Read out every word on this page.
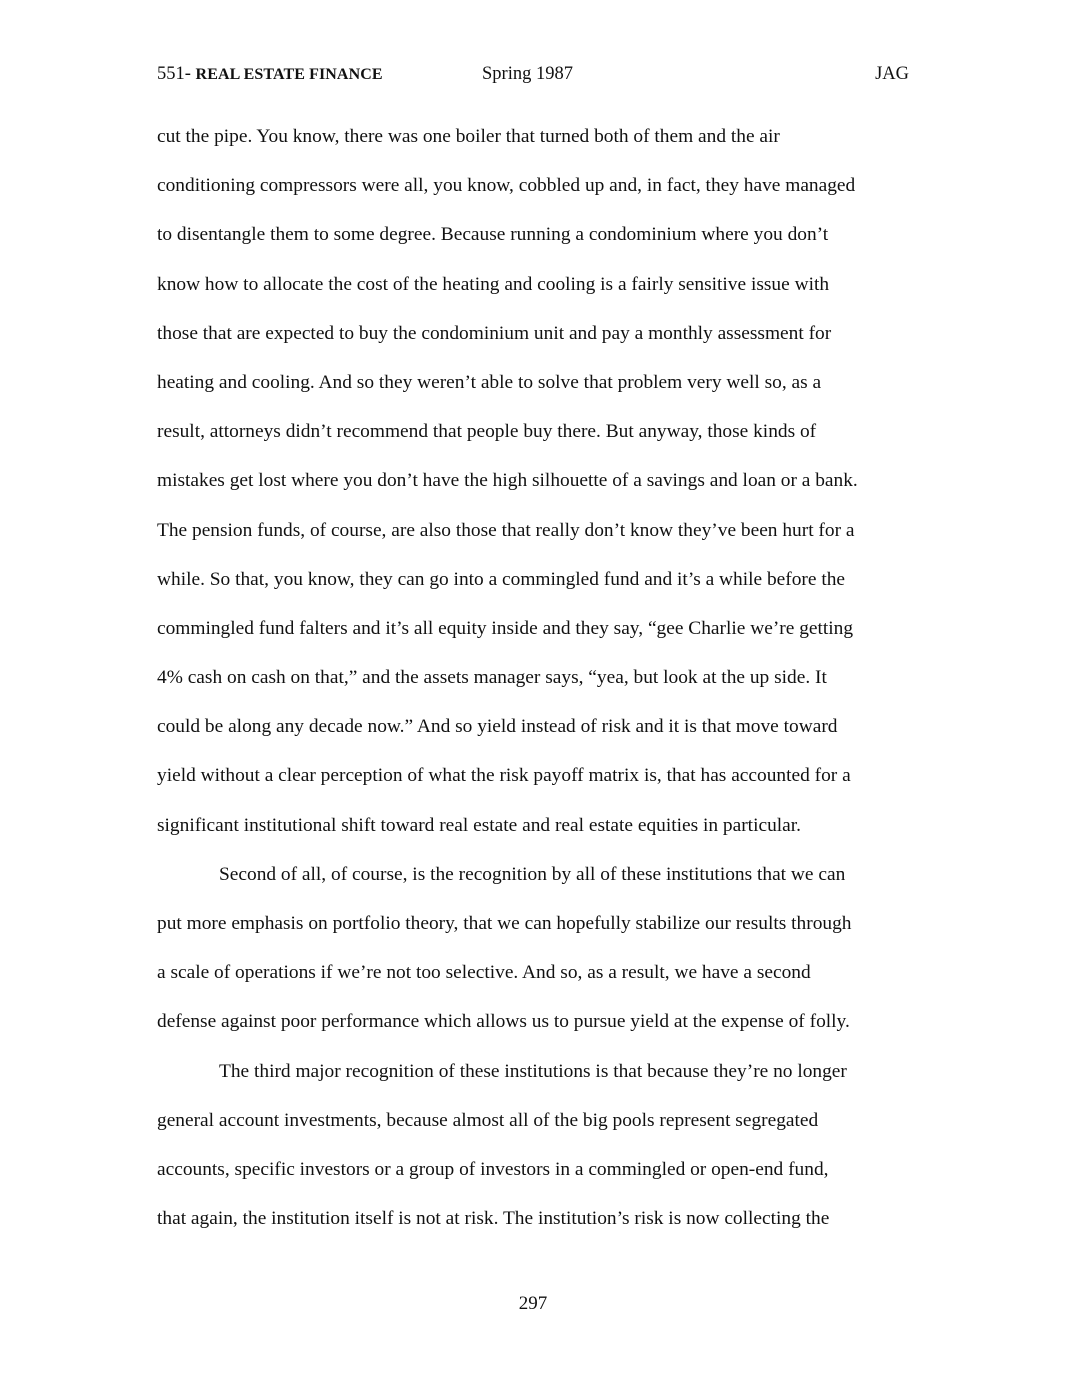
551- REAL ESTATE FINANCE	Spring 1987	JAG
cut the pipe. You know, there was one boiler that turned both of them and the air
conditioning compressors were all, you know, cobbled up and, in fact, they have managed
to disentangle them to some degree. Because running a condominium where you don’t
know how to allocate the cost of the heating and cooling is a fairly sensitive issue with
those that are expected to buy the condominium unit and pay a monthly assessment for
heating and cooling. And so they weren’t able to solve that problem very well so, as a
result, attorneys didn’t recommend that people buy there. But anyway, those kinds of
mistakes get lost where you don’t have the high silhouette of a savings and loan or a bank.
The pension funds, of course, are also those that really don’t know they’ve been hurt for a
while. So that, you know, they can go into a commingled fund and it’s a while before the
commingled fund falters and it’s all equity inside and they say, “gee Charlie we’re getting
4% cash on cash on that,” and the assets manager says, “yea, but look at the up side. It
could be along any decade now.” And so yield instead of risk and it is that move toward
yield without a clear perception of what the risk payoff matrix is, that has accounted for a
significant institutional shift toward real estate and real estate equities in particular.
Second of all, of course, is the recognition by all of these institutions that we can
put more emphasis on portfolio theory, that we can hopefully stabilize our results through
a scale of operations if we’re not too selective. And so, as a result, we have a second
defense against poor performance which allows us to pursue yield at the expense of folly.
The third major recognition of these institutions is that because they’re no longer
general account investments, because almost all of the big pools represent segregated
accounts, specific investors or a group of investors in a commingled or open-end fund,
that again, the institution itself is not at risk. The institution’s risk is now collecting the
297
